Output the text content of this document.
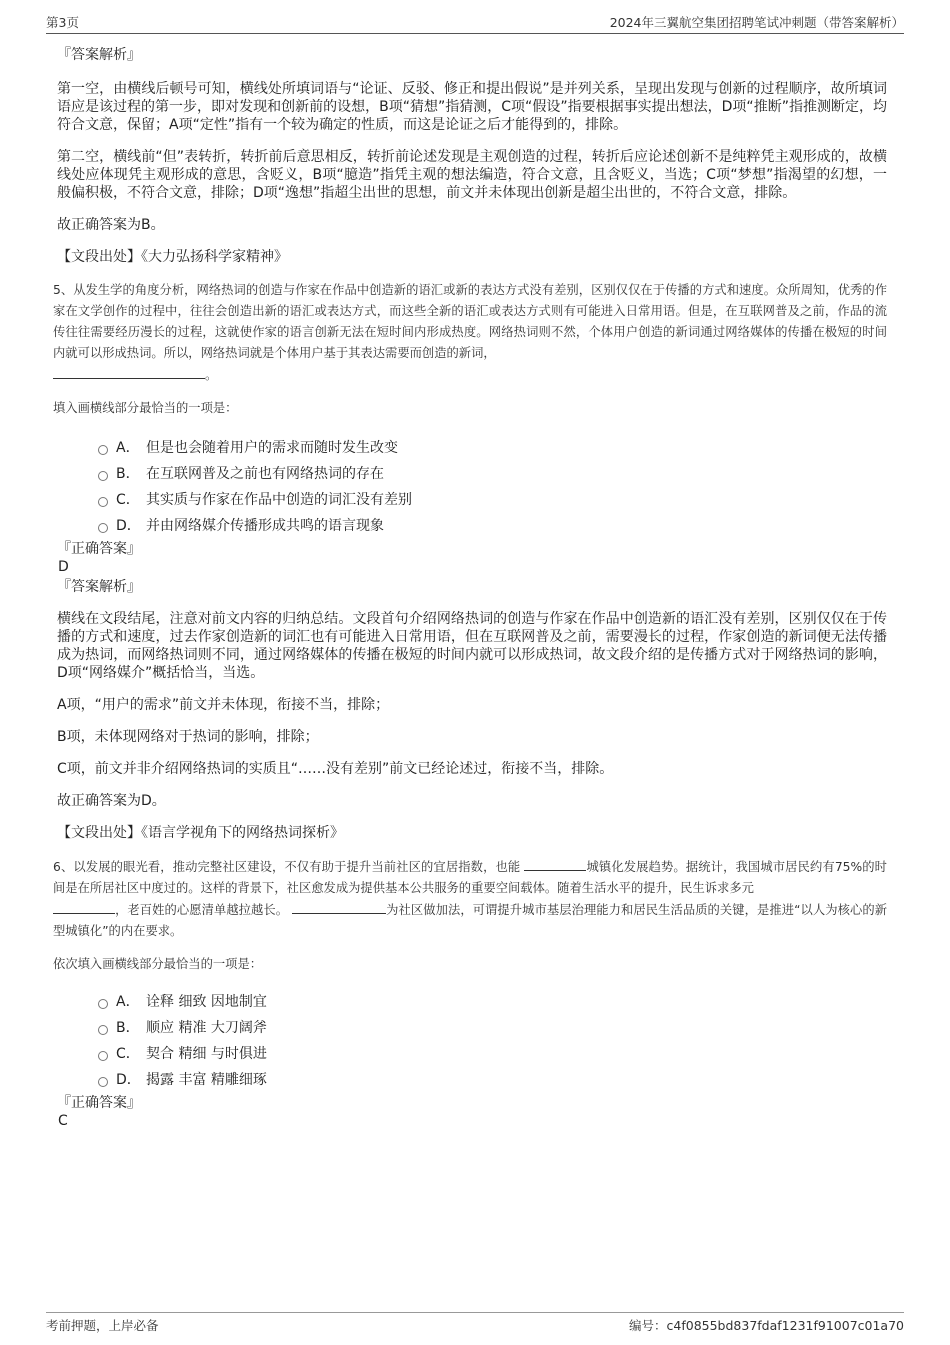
第3页	2024年三翼航空集团招聘笔试冲刺题（带答案解析）
『答案解析』

第一空，由横线后顿号可知，横线处所填词语与“论证、反驳、修正和提出假说”是并列关系，呈现出发现与创新的过程顺序，故所填词语应是该过程的第一步，即对发现和创新前的设想，B项“猜想”指猜测，C项“假设”指要根据事实提出想法，D项“推断”指推测断定，均符合文意，保留；A项“定性”指有一个较为确定的性质，而这是论证之后才能得到的，排除。

第二空，横线前“但”表转折，转折前后意思相反，转折前论述发现是主观创造的过程，转折后应论述创新不是纯粹凭主观形成的，故横线处应体现凭主观形成的意思，含贬义，B项“臆造”指凭主观的想法编造，符合文意，且含贬义，当选；C项“梦想”指渴望的幻想，一般偏积极，不符合文意，排除；D项“逸想”指超尘出世的思想，前文并未体现出创新是超尘出世的，不符合文意，排除。

故正确答案为B。

【文段出处】《大力弘扬科学家精神》

5、从发生学的角度分析，网络热词的创造与作家在作品中创造新的语汇或新的表达方式没有差别，区别仅仅在于传播的方式和速度。众所周知，优秀的作家在文学创作的过程中，往往会创造出新的语汇或表达方式，而这些全新的语汇或表达方式则有可能进入日常用语。但是，在互联网普及之前，作品的流传往往需要经历漫长的过程，这就使作家的语言创新无法在短时间内形成热度。网络热词则不然，个体用户创造的新词通过网络媒体的传播在极短的时间内就可以形成热词。所以，网络热词就是个体用户基于其表达需要而创造的新词，
。

填入画横线部分最恰当的一项是：

A． 但是也会随着用户的需求而随时发生改变
B． 在互联网普及之前也有网络热词的存在
C． 其实质与作家在作品中创造的词汇没有差别
D． 并由网络媒介传播形成共鸣的语言现象
『正确答案』
D
『答案解析』

横线在文段结尾，注意对前文内容的归纳总结。文段首句介绍网络热词的创造与作家在作品中创造新的语汇没有差别，区别仅仅在于传播的方式和速度，过去作家创造新的词汇也有可能进入日常用语，但在互联网普及之前，需要漫长的过程，作家创造的新词便无法传播成为热词，而网络热词则不同，通过网络媒体的传播在极短的时间内就可以形成热词，故文段介绍的是传播方式对于网络热词的影响，D项“网络媒介”概括恰当，当选。

A项，“用户的需求”前文并未体现，衔接不当，排除；

B项，未体现网络对于热词的影响，排除；

C项，前文并非介绍网络热词的实质且“……没有差别”前文已经论述过，衔接不当，排除。

故正确答案为D。

【文段出处】《语言学视角下的网络热词探析》

6、以发展的眼光看，推动完整社区建设，不仅有助于提升当前社区的宜居指数，也能	城镇化发展趋势。据统计，我国城市居民约有75%的时间是在所居社区中度过的。这样的背景下，社区愈发成为提供基本公共服务的重要空间载体。随着生活水平的提升，民生诉求多元
，老百姓的心愿清单越拉越长。	为社区做加法，可谓提升城市基层治理能力和居民生活品质的关键，是推进“以人为核心的新型城镇化”的内在要求。

依次填入画横线部分最恰当的一项是：

A． 诠释 细致 因地制宜
B． 顺应 精准 大刀阔斧
C． 契合 精细 与时俱进
D． 揭露 丰富 精雕细琢
『正确答案』
C
考前押题，上岸必备	编号：c4f0855bd837fdaf1231f91007c01a70
